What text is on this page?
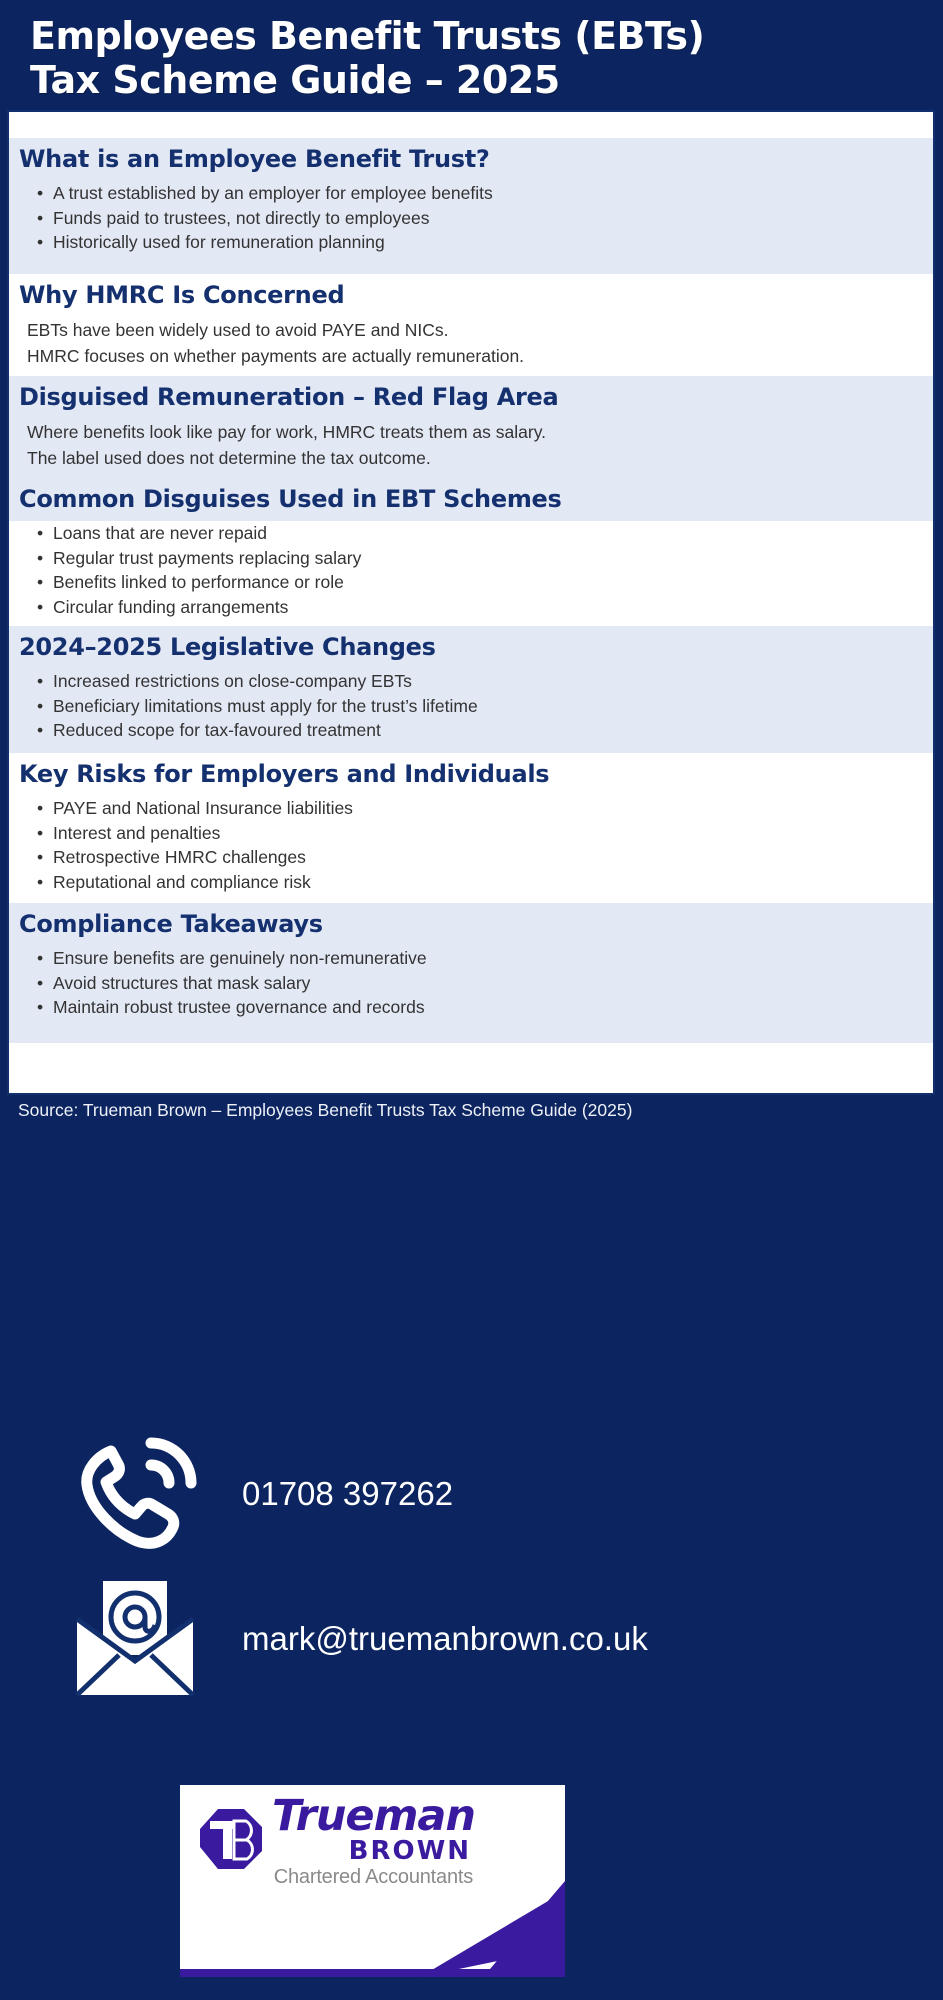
Employees Benefit Trusts (EBTs)
Tax Scheme Guide – 2025
What is an Employee Benefit Trust?
• A trust established by an employer for employee benefits
• Funds paid to trustees, not directly to employees
• Historically used for remuneration planning
Why HMRC Is Concerned
EBTs have been widely used to avoid PAYE and NICs.
HMRC focuses on whether payments are actually remuneration.
Disguised Remuneration – Red Flag Area
Where benefits look like pay for work, HMRC treats them as salary.
The label used does not determine the tax outcome.
Common Disguises Used in EBT Schemes
• Loans that are never repaid
• Regular trust payments replacing salary
• Benefits linked to performance or role
• Circular funding arrangements
2024–2025 Legislative Changes
• Increased restrictions on close-company EBTs
• Beneficiary limitations must apply for the trust’s lifetime
• Reduced scope for tax-favoured treatment
Key Risks for Employers and Individuals
• PAYE and National Insurance liabilities
• Interest and penalties
• Retrospective HMRC challenges
• Reputational and compliance risk
Compliance Takeaways
• Ensure benefits are genuinely non-remunerative
• Avoid structures that mask salary
• Maintain robust trustee governance and records
Source: Trueman Brown – Employees Benefit Trusts Tax Scheme Guide (2025)
01708 397262
mark@truemanbrown.co.uk
Trueman
BROWN
Chartered Accountants
